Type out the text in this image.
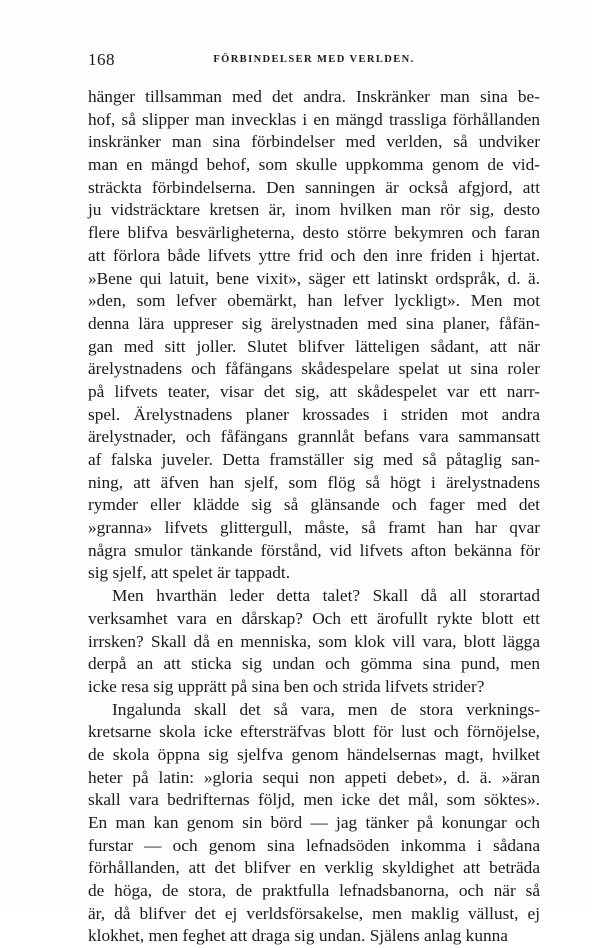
168	FÖRBINDELSER MED VERLDEN.
hänger tillsamman med det andra. Inskränker man sina be-
hof, så slipper man invecklas i en mängd trassliga förhållanden
inskränker man sina förbindelser med verlden, så undviker
man en mängd behof, som skulle uppkomma genom de vid-
sträckta förbindelserna. Den sanningen är också afgjord, att
ju vidsträcktare kretsen är, inom hvilken man rör sig, desto
flere blifva besvärligheterna, desto större bekymren och faran
att förlora både lifvets yttre frid och den inre friden i hjertat.
»Bene qui latuit, bene vixit», säger ett latinskt ordspråk, d. ä.
»den, som lefver obemärkt, han lefver lyckligt». Men mot
denna lära uppreser sig ärelystnaden med sina planer, fåfän-
gan med sitt joller. Slutet blifver lätteligen sådant, att när
ärelystnadens och fåfängans skådespelare spelat ut sina roler
på lifvets teater, visar det sig, att skådespelet var ett narr-
spel. Ärelystnadens planer krossades i striden mot andra
ärelystnader, och fåfängans grannlåt befans vara sammansatt
af falska juveler. Detta framställer sig med så påtaglig san-
ning, att äfven han sjelf, som flög så högt i ärelystnadens
rymder eller klädde sig så glänsande och fager med det
»granna» lifvets glittergull, måste, så framt han har qvar
några smulor tänkande förstånd, vid lifvets afton bekänna för
sig sjelf, att spelet är tappadt.
Men hvarthän leder detta talet? Skall då all storartad
verksamhet vara en dårskap? Och ett ärofullt rykte blott ett
irrsken? Skall då en menniska, som klok vill vara, blott lägga
derpå an att sticka sig undan och gömma sina pund, men
icke resa sig upprätt på sina ben och strida lifvets strider?
Ingalunda skall det så vara, men de stora verknings-
kretsarne skola icke eftersträfvas blott för lust och förnöjelse,
de skola öppna sig sjelfva genom händelsernas magt, hvilket
heter på latin: »gloria sequi non appeti debet», d. ä. »äran
skall vara bedrifternas följd, men icke det mål, som söktes».
En man kan genom sin börd — jag tänker på konungar och
furstar — och genom sina lefnadsöden inkomma i sådana
förhållanden, att det blifver en verklig skyldighet att beträda
de höga, de stora, de praktfulla lefnadsbanorna, och när så
är, då blifver det ej verldsförsakelse, men maklig vällust, ej
klokhet, men feghet att draga sig undan. Själens anlag kunna
